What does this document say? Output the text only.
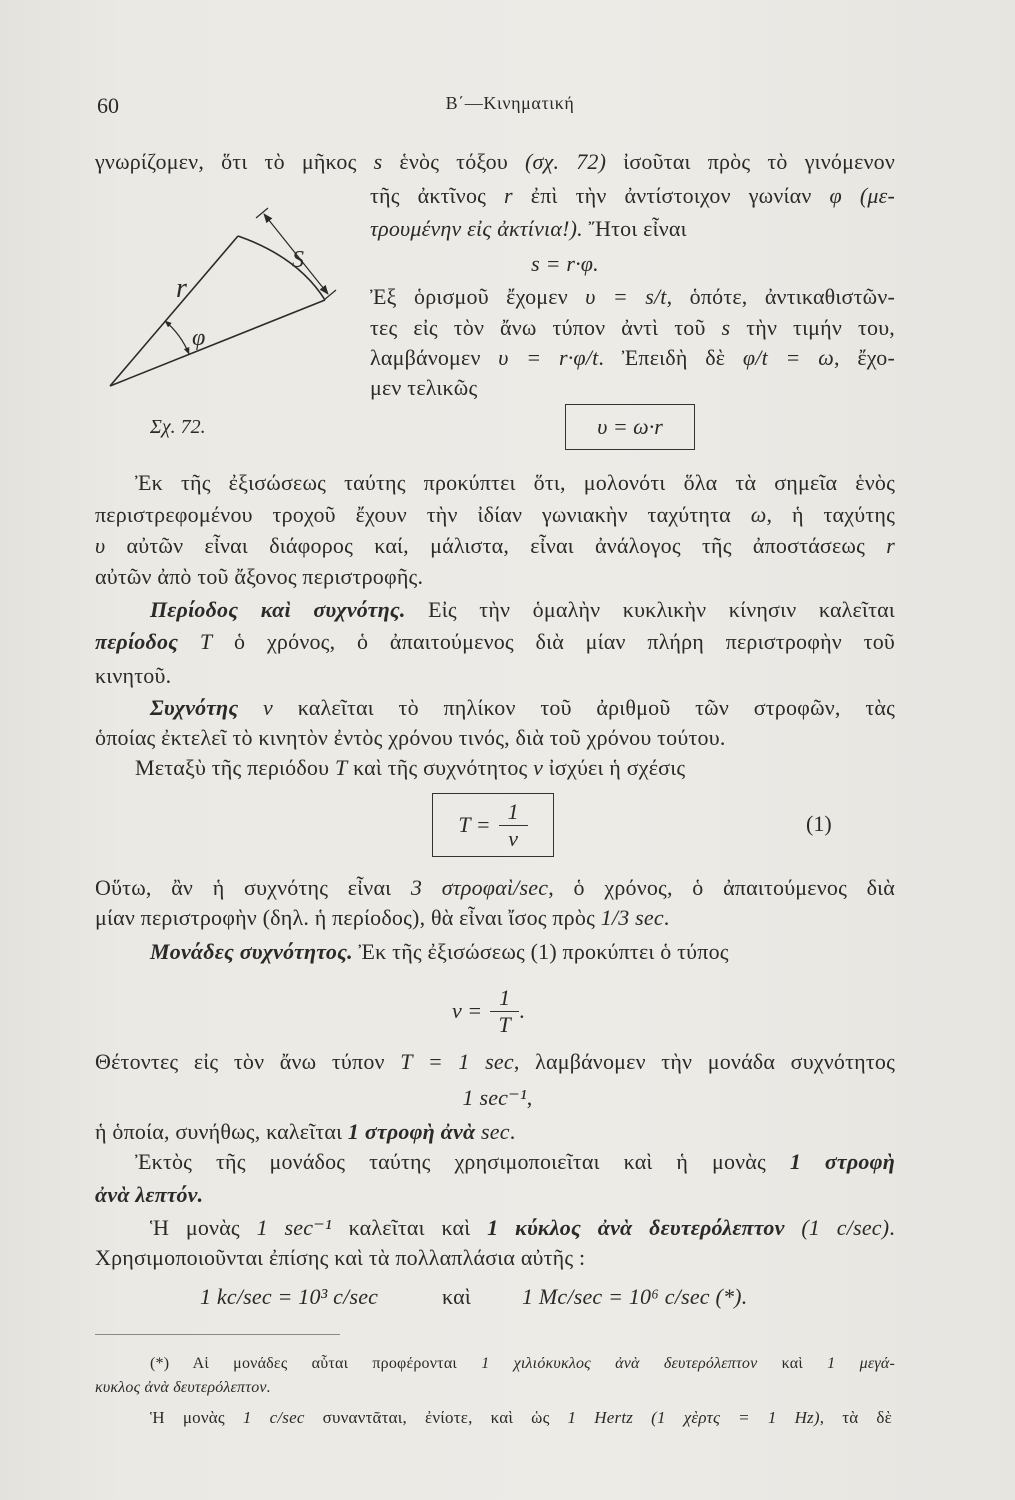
60	Β΄—Κινηματική
γνωρίζομεν, ὅτι τὸ μῆκος s ἑνὸς τόξου (σχ. 72) ἰσοῦται πρὸς τὸ γινόμενον
r
φ
S
Σχ. 72.
τῆς ἀκτῖνος r ἐπὶ τὴν ἀντίστοιχον γωνίαν φ (με-
τρουμένην εἰς ἀκτίνια!). Ἤτοι εἶναι
s = r·φ.
Ἐξ ὁρισμοῦ ἔχομεν υ = s/t, ὁπότε, ἀντικαθιστῶν-
τες εἰς τὸν ἄνω τύπον ἀντὶ τοῦ s τὴν τιμήν του,
λαμβάνομεν υ = r·φ/t. Ἐπειδὴ δὲ φ/t = ω, ἔχο-
μεν τελικῶς
υ = ω·r
Ἐκ τῆς ἐξισώσεως ταύτης προκύπτει ὅτι, μολονότι ὅλα τὰ σημεῖα ἑνὸς
περιστρεφομένου τροχοῦ ἔχουν τὴν ἰδίαν γωνιακὴν ταχύτητα ω, ἡ ταχύτης
υ αὐτῶν εἶναι διάφορος καί, μάλιστα, εἶναι ἀνάλογος τῆς ἀποστάσεως r
αὐτῶν ἀπὸ τοῦ ἄξονος περιστροφῆς.
Περίοδος καὶ συχνότης. Εἰς τὴν ὁμαλὴν κυκλικὴν κίνησιν καλεῖται
περίοδος T ὁ χρόνος, ὁ ἀπαιτούμενος διὰ μίαν πλήρη περιστροφὴν τοῦ
κινητοῦ.
Συχνότης ν καλεῖται τὸ πηλίκον τοῦ ἀριθμοῦ τῶν στροφῶν, τὰς
ὁποίας ἐκτελεῖ τὸ κινητὸν ἐντὸς χρόνου τινός, διὰ τοῦ χρόνου τούτου.
Μεταξὺ τῆς περιόδου T καὶ τῆς συχνότητος ν ἰσχύει ἡ σχέσις
$T = \frac{1}{\nu}$	(1)
Οὕτω, ἂν ἡ συχνότης εἶναι 3 στροφαὶ/sec, ὁ χρόνος, ὁ ἀπαιτούμενος διὰ
μίαν περιστροφὴν (δηλ. ἡ περίοδος), θὰ εἶναι ἴσος πρὸς 1/3 sec.
Μονάδες συχνότητος. Ἐκ τῆς ἐξισώσεως (1) προκύπτει ὁ τύπος
$\nu = \frac{1}{T}$ .
Θέτοντες εἰς τὸν ἄνω τύπον T = 1 sec, λαμβάνομεν τὴν μονάδα συχνότητος
1 sec⁻¹,
ἡ ὁποία, συνήθως, καλεῖται 1 στροφὴ ἀνὰ sec.
Ἐκτὸς τῆς μονάδος ταύτης χρησιμοποιεῖται καὶ ἡ μονὰς 1 στροφὴ
ἀνὰ λεπτόν.
Ἡ μονὰς 1 sec⁻¹ καλεῖται καὶ 1 κύκλος ἀνὰ δευτερόλεπτον (1 c/sec).
Χρησιμοποιοῦνται ἐπίσης καὶ τὰ πολλαπλάσια αὐτῆς :
1 kc/sec = 10³ c/sec	καὶ 1 Mc/sec = 10⁶ c/sec (*).
(*) Αἱ μονάδες αὗται προφέρονται 1 χιλιόκυκλος ἀνὰ δευτερόλεπτον καὶ 1 μεγά-
κυκλος ἀνὰ δευτερόλεπτον.
Ἡ μονὰς 1 c/sec συναντᾶται, ἐνίοτε, καὶ ὡς 1 Hertz (1 χὲρτς = 1 Hz), τὰ δὲ
